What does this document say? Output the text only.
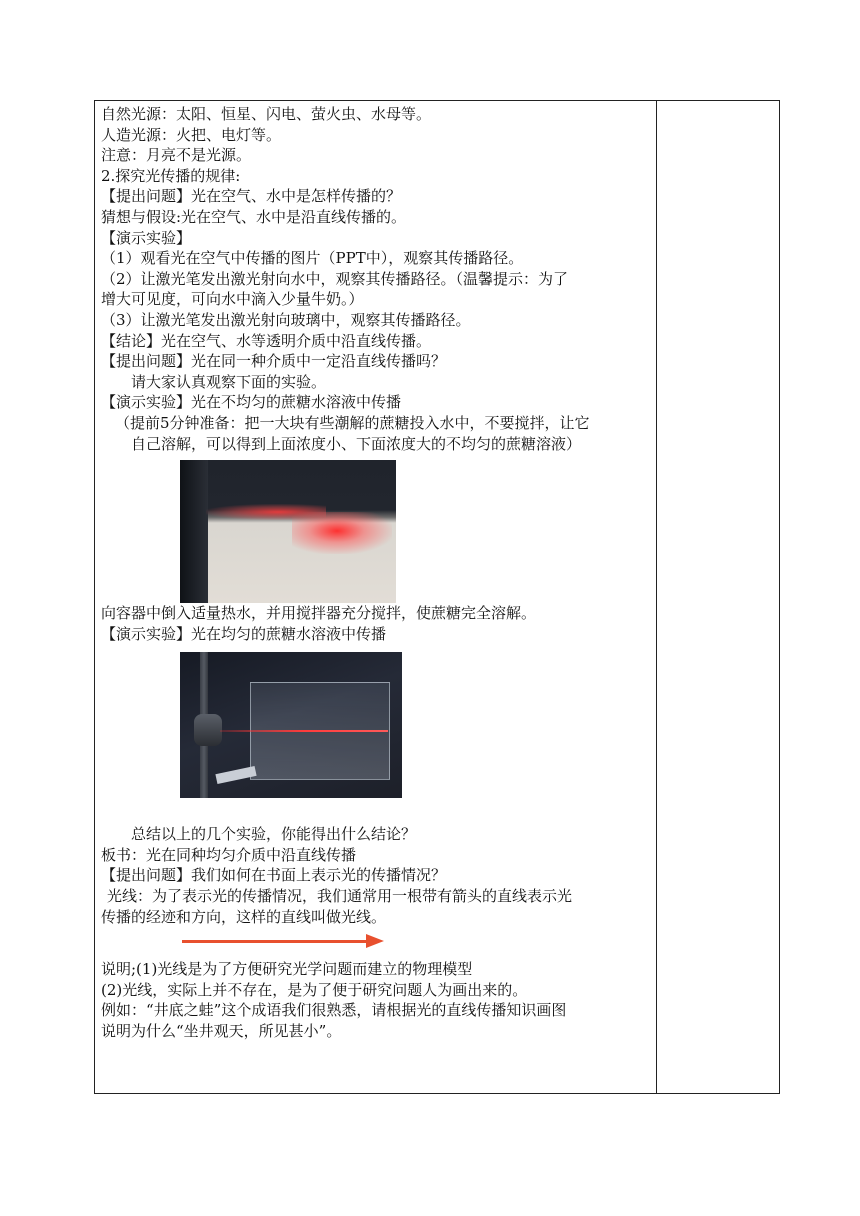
自然光源：太阳、恒星、闪电、萤火虫、水母等。
人造光源：火把、电灯等。
注意：月亮不是光源。
2.探究光传播的规律:
【提出问题】光在空气、水中是怎样传播的？
猜想与假设:光在空气、水中是沿直线传播的。
【演示实验】
（1）观看光在空气中传播的图片（PPT中），观察其传播路径。
（2）让激光笔发出激光射向水中，观察其传播路径。（温馨提示：为了
增大可见度，可向水中滴入少量牛奶。）
（3）让激光笔发出激光射向玻璃中，观察其传播路径。
【结论】光在空气、水等透明介质中沿直线传播。
【提出问题】光在同一种介质中一定沿直线传播吗？
请大家认真观察下面的实验。
【演示实验】光在不均匀的蔗糖水溶液中传播
（提前5分钟准备：把一大块有些潮解的蔗糖投入水中，不要搅拌，让它
自己溶解，可以得到上面浓度小、下面浓度大的不均匀的蔗糖溶液）
向容器中倒入适量热水，并用搅拌器充分搅拌，使蔗糖完全溶解。
【演示实验】光在均匀的蔗糖水溶液中传播
总结以上的几个实验，你能得出什么结论？
板书：光在同种均匀介质中沿直线传播
【提出问题】我们如何在书面上表示光的传播情况？
光线：为了表示光的传播情况，我们通常用一根带有箭头的直线表示光
传播的经迹和方向，这样的直线叫做光线。
说明;(1)光线是为了方便研究光学问题而建立的物理模型
(2)光线，实际上并不存在，是为了便于研究问题人为画出来的。
例如：“井底之蛙”这个成语我们很熟悉，请根据光的直线传播知识画图
说明为什么“坐井观天，所见甚小”。
